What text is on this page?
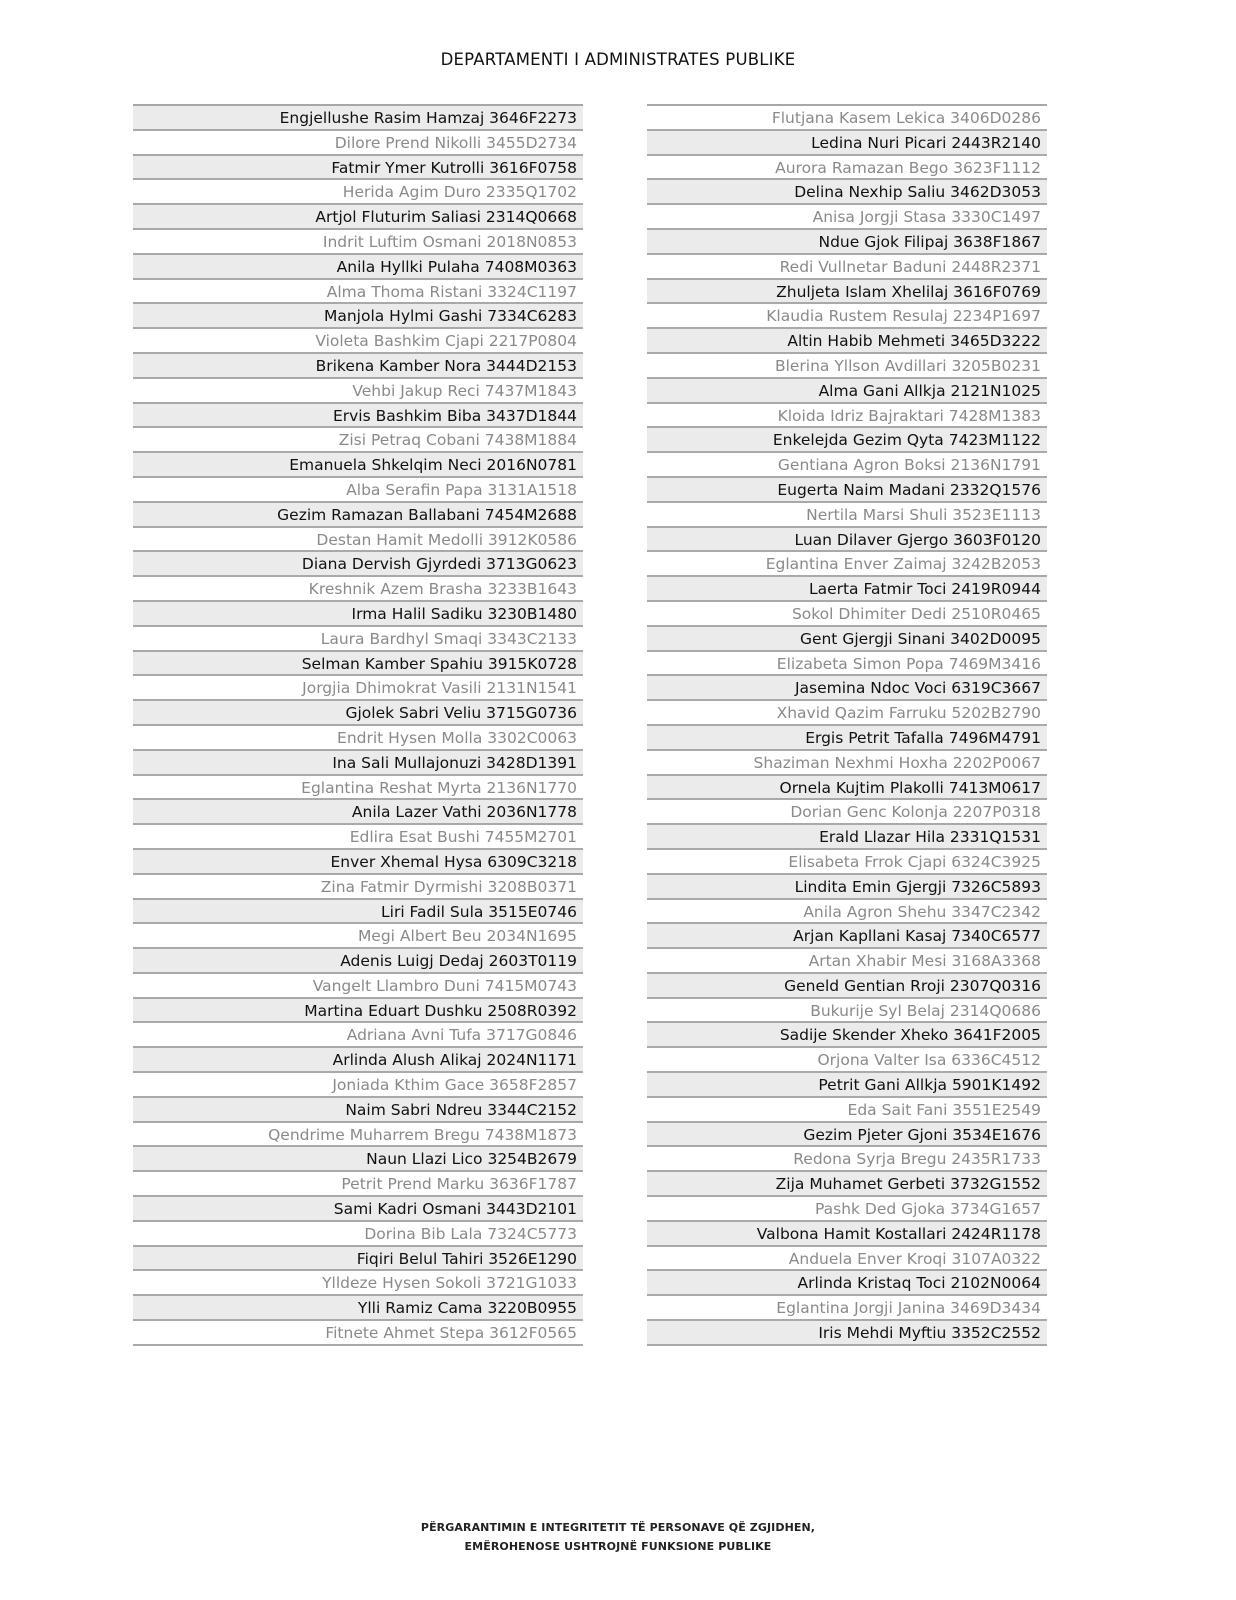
DEPARTAMENTI I ADMINISTRATES PUBLIKE
Engjellushe Rasim Hamzaj 3646F2273
Dilore Prend Nikolli 3455D2734
Fatmir Ymer Kutrolli 3616F0758
Herida Agim Duro 2335Q1702
Artjol Fluturim Saliasi 2314Q0668
Indrit Luftim Osmani 2018N0853
Anila Hyllki Pulaha 7408M0363
Alma Thoma Ristani 3324C1197
Manjola Hylmi Gashi 7334C6283
Violeta Bashkim Cjapi 2217P0804
Brikena Kamber Nora 3444D2153
Vehbi Jakup Reci 7437M1843
Ervis Bashkim Biba 3437D1844
Zisi Petraq Cobani 7438M1884
Emanuela Shkelqim Neci 2016N0781
Alba Serafin Papa 3131A1518
Gezim Ramazan Ballabani 7454M2688
Destan Hamit Medolli 3912K0586
Diana Dervish Gjyrdedi 3713G0623
Kreshnik Azem Brasha 3233B1643
Irma Halil Sadiku 3230B1480
Laura Bardhyl Smaqi 3343C2133
Selman Kamber Spahiu 3915K0728
Jorgjia Dhimokrat Vasili 2131N1541
Gjolek Sabri Veliu 3715G0736
Endrit Hysen Molla 3302C0063
Ina Sali Mullajonuzi 3428D1391
Eglantina Reshat Myrta 2136N1770
Anila Lazer Vathi 2036N1778
Edlira Esat Bushi 7455M2701
Enver Xhemal Hysa 6309C3218
Zina Fatmir Dyrmishi 3208B0371
Liri Fadil Sula 3515E0746
Megi Albert Beu 2034N1695
Adenis Luigj Dedaj 2603T0119
Vangelt Llambro Duni 7415M0743
Martina Eduart Dushku 2508R0392
Adriana Avni Tufa 3717G0846
Arlinda Alush Alikaj 2024N1171
Joniada Kthim Gace 3658F2857
Naim Sabri Ndreu 3344C2152
Qendrime Muharrem Bregu 7438M1873
Naun Llazi Lico 3254B2679
Petrit Prend Marku 3636F1787
Sami Kadri Osmani 3443D2101
Dorina Bib Lala 7324C5773
Fiqiri Belul Tahiri 3526E1290
Ylldeze Hysen Sokoli 3721G1033
Ylli Ramiz Cama 3220B0955
Fitnete Ahmet Stepa 3612F0565
Flutjana Kasem Lekica 3406D0286
Ledina Nuri Picari 2443R2140
Aurora Ramazan Bego 3623F1112
Delina Nexhip Saliu 3462D3053
Anisa Jorgji Stasa 3330C1497
Ndue Gjok Filipaj 3638F1867
Redi Vullnetar Baduni 2448R2371
Zhuljeta Islam Xhelilaj 3616F0769
Klaudia Rustem Resulaj 2234P1697
Altin Habib Mehmeti 3465D3222
Blerina Yllson Avdillari 3205B0231
Alma Gani Allkja 2121N1025
Kloida Idriz Bajraktari 7428M1383
Enkelejda Gezim Qyta 7423M1122
Gentiana Agron Boksi 2136N1791
Eugerta Naim Madani 2332Q1576
Nertila Marsi Shuli 3523E1113
Luan Dilaver Gjergo 3603F0120
Eglantina Enver Zaimaj 3242B2053
Laerta Fatmir Toci 2419R0944
Sokol Dhimiter Dedi 2510R0465
Gent Gjergji Sinani 3402D0095
Elizabeta Simon Popa 7469M3416
Jasemina Ndoc Voci 6319C3667
Xhavid Qazim Farruku 5202B2790
Ergis Petrit Tafalla 7496M4791
Shaziman Nexhmi Hoxha 2202P0067
Ornela Kujtim Plakolli 7413M0617
Dorian Genc Kolonja 2207P0318
Erald Llazar Hila 2331Q1531
Elisabeta Frrok Cjapi 6324C3925
Lindita Emin Gjergji 7326C5893
Anila Agron Shehu 3347C2342
Arjan Kapllani Kasaj 7340C6577
Artan Xhabir Mesi 3168A3368
Geneld Gentian Rroji 2307Q0316
Bukurije Syl Belaj 2314Q0686
Sadije Skender Xheko 3641F2005
Orjona Valter Isa 6336C4512
Petrit Gani Allkja 5901K1492
Eda Sait Fani 3551E2549
Gezim Pjeter Gjoni 3534E1676
Redona Syrja Bregu 2435R1733
Zija Muhamet Gerbeti 3732G1552
Pashk Ded Gjoka 3734G1657
Valbona Hamit Kostallari 2424R1178
Anduela Enver Kroqi 3107A0322
Arlinda Kristaq Toci 2102N0064
Eglantina Jorgji Janina 3469D3434
Iris Mehdi Myftiu 3352C2552
PËRGARANTIMIN E INTEGRITETIT TË PERSONAVE QË ZGJIDHEN,
EMËROHENOSE USHTROJNË FUNKSIONE PUBLIKE
